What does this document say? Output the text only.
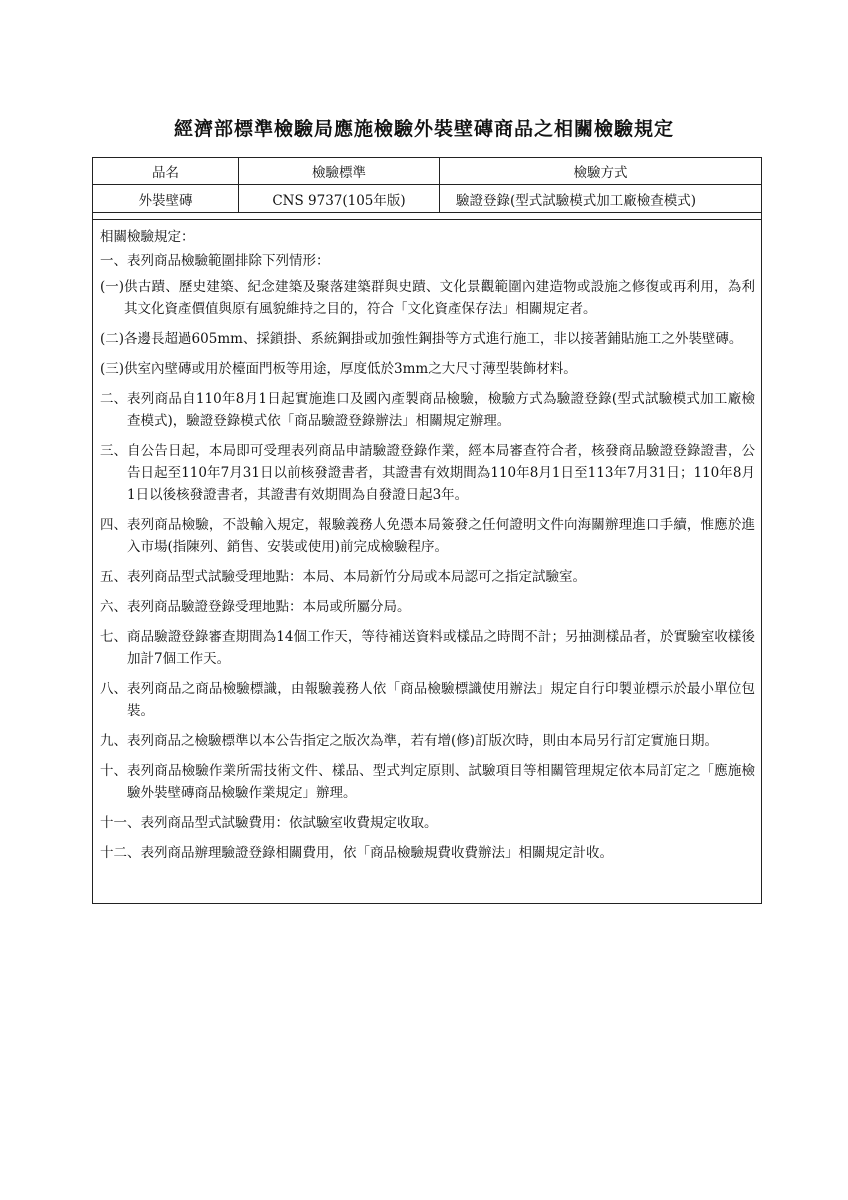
經濟部標準檢驗局應施檢驗外裝壁磚商品之相關檢驗規定
品名	檢驗標準	檢驗方式
外裝壁磚	CNS 9737(105年版)	驗證登錄(型式試驗模式加工廠檢查模式)
相關檢驗規定：
一、 表列商品檢驗範圍排除下列情形：
(一) 供古蹟、歷史建築、紀念建築及聚落建築群與史蹟、文化景觀範圍內建造物或設施之修復或再利用，為利其文化資產價值與原有風貌維持之目的，符合「文化資產保存法」相關規定者。
(二) 各邊長超過605mm、採鎖掛、系統鋼掛或加強性鋼掛等方式進行施工，非以接著鋪貼施工之外裝壁磚。
(三) 供室內壁磚或用於檯面門板等用途，厚度低於3mm之大尺寸薄型裝飾材料。
二、 表列商品自110年8月1日起實施進口及國內產製商品檢驗，檢驗方式為驗證登錄(型式試驗模式加工廠檢查模式)，驗證登錄模式依「商品驗證登錄辦法」相關規定辦理。
三、 自公告日起，本局即可受理表列商品申請驗證登錄作業，經本局審查符合者，核發商品驗證登錄證書，公告日起至110年7月31日以前核發證書者，其證書有效期間為110年8月1日至113年7月31日；110年8月1日以後核發證書者，其證書有效期間為自發證日起3年。
四、 表列商品檢驗，不設輸入規定，報驗義務人免憑本局簽發之任何證明文件向海關辦理進口手續，惟應於進入市場(指陳列、銷售、安裝或使用)前完成檢驗程序。
五、 表列商品型式試驗受理地點：本局、本局新竹分局或本局認可之指定試驗室。
六、 表列商品驗證登錄受理地點：本局或所屬分局。
七、 商品驗證登錄審查期間為14個工作天，等待補送資料或樣品之時間不計；另抽測樣品者，於實驗室收樣後加計7個工作天。
八、 表列商品之商品檢驗標識，由報驗義務人依「商品檢驗標識使用辦法」規定自行印製並標示於最小單位包裝。
九、 表列商品之檢驗標準以本公告指定之版次為準，若有增(修)訂版次時，則由本局另行訂定實施日期。
十、 表列商品檢驗作業所需技術文件、樣品、型式判定原則、試驗項目等相關管理規定依本局訂定之「應施檢驗外裝壁磚商品檢驗作業規定」辦理。
十一、 表列商品型式試驗費用：依試驗室收費規定收取。
十二、 表列商品辦理驗證登錄相關費用，依「商品檢驗規費收費辦法」相關規定計收。
